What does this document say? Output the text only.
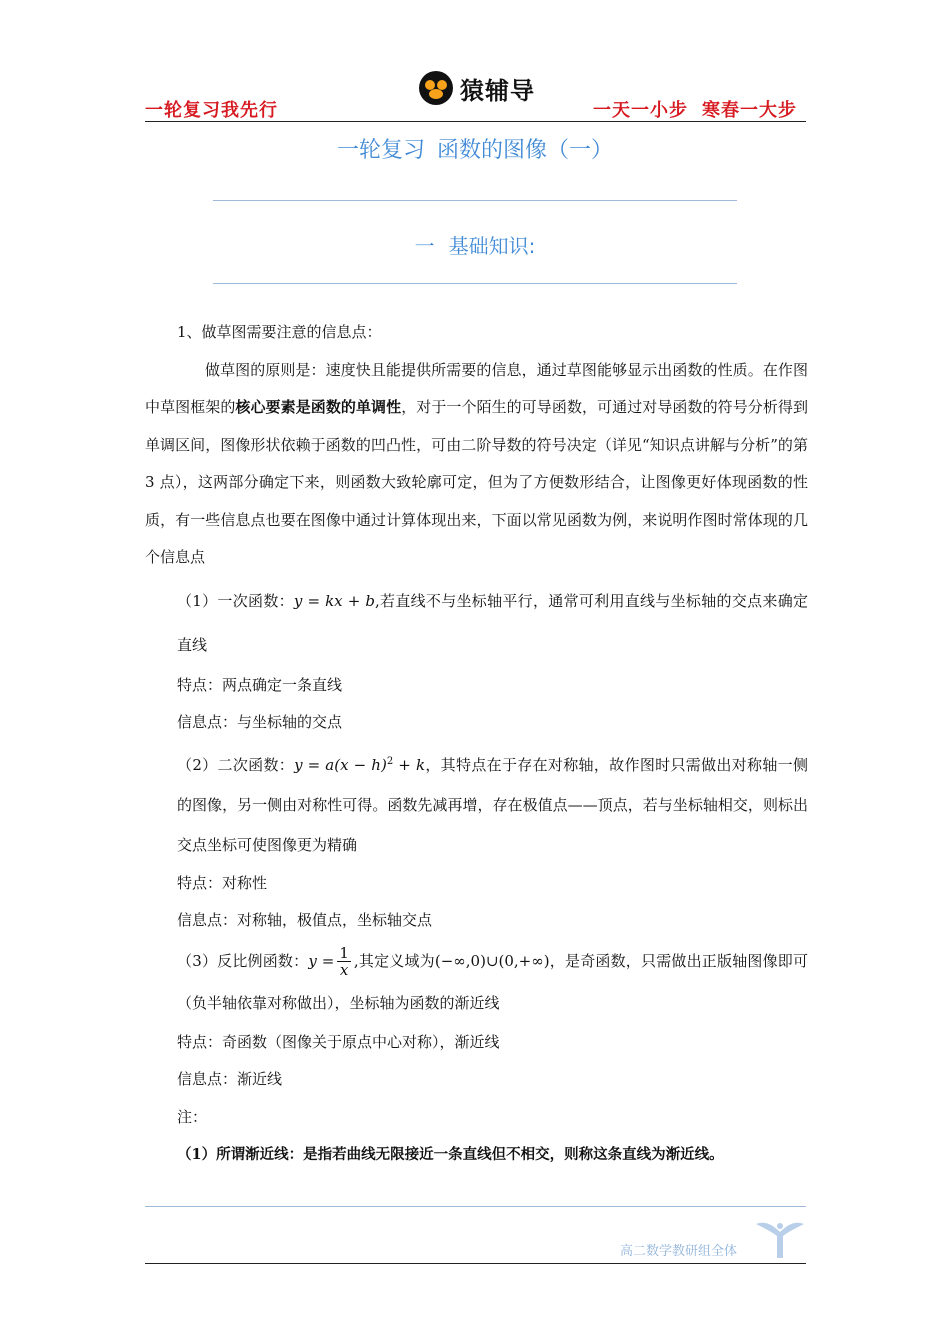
一轮复习我先行
猿辅导
一天一小步 寒春一大步
一轮复习 函数的图像（一）
一 基础知识:

1、做草图需要注意的信息点：

做草图的原则是：速度快且能提供所需要的信息，通过草图能够显示出函数的性质。在作图中草图框架的核心要素是函数的单调性，对于一个陌生的可导函数，可通过对导函数的符号分析得到单调区间，图像形状依赖于函数的凹凸性，可由二阶导数的符号决定（详见“知识点讲解与分析”的第 3 点），这两部分确定下来，则函数大致轮廓可定，但为了方便数形结合，让图像更好体现函数的性质，有一些信息点也要在图像中通过计算体现出来，下面以常见函数为例，来说明作图时常体现的几个信息点

（1）一次函数：y = kx + b,若直线不与坐标轴平行，通常可利用直线与坐标轴的交点来确定直线

特点：两点确定一条直线

信息点：与坐标轴的交点

（2）二次函数：$y = a(x - h)^2 + k$，其特点在于存在对称轴，故作图时只需做出对称轴一侧的图像，另一侧由对称性可得。函数先减再增，存在极值点——顶点，若与坐标轴相交，则标出交点坐标可使图像更为精确

特点：对称性

信息点：对称轴，极值点，坐标轴交点

（3）反比例函数：$y = \frac{1}{x}$ ,其定义域为(−∞,0)∪(0,+∞)，是奇函数，只需做出正版轴图像即可（负半轴依靠对称做出），坐标轴为函数的渐近线

特点：奇函数（图像关于原点中心对称），渐近线

信息点：渐近线

注：

（1）所谓渐近线：是指若曲线无限接近一条直线但不相交，则称这条直线为渐近线。

高二数学教研组全体
